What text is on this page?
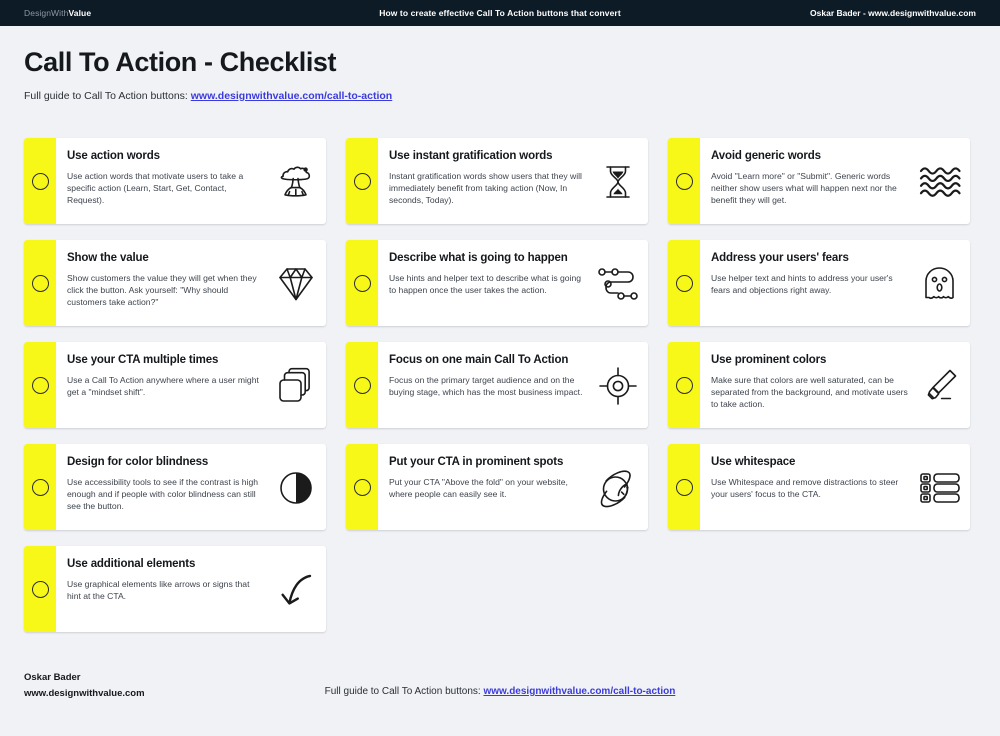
DesignWithValue	How to create effective Call To Action buttons that convert	Oskar Bader - www.designwithvalue.com
Call To Action - Checklist
Full guide to Call To Action buttons: www.designwithvalue.com/call-to-action
Use action words
Use action words that motivate users to take a specific action (Learn, Start, Get, Contact, Request).
Use instant gratification words
Instant gratification words show users that they will immediately benefit from taking action (Now, In seconds, Today).
Avoid generic words
Avoid "Learn more" or "Submit". Generic words neither show users what will happen next nor the benefit they will get.
Show the value
Show customers the value they will get when they click the button. Ask yourself: "Why should customers take action?"
Describe what is going to happen
Use hints and helper text to describe what is going to happen once the user takes the action.
Address your users' fears
Use helper text and hints to address your user's fears and objections right away.
Use your CTA multiple times
Use a Call To Action anywhere where a user might get a "mindset shift".
Focus on one main Call To Action
Focus on the primary target audience and on the buying stage, which has the most business impact.
Use prominent colors
Make sure that colors are well saturated, can be separated from the background, and motivate users to take action.
Design for color blindness
Use accessibility tools to see if the contrast is high enough and if people with color blindness can still see the button.
Put your CTA in prominent spots
Put your CTA "Above the fold" on your website, where people can easily see it.
Use whitespace
Use Whitespace and remove distractions to steer your users' focus to the CTA.
Use additional elements
Use graphical elements like arrows or signs that hint at the CTA.
Oskar Bader
www.designwithvalue.com	Full guide to Call To Action buttons: www.designwithvalue.com/call-to-action
